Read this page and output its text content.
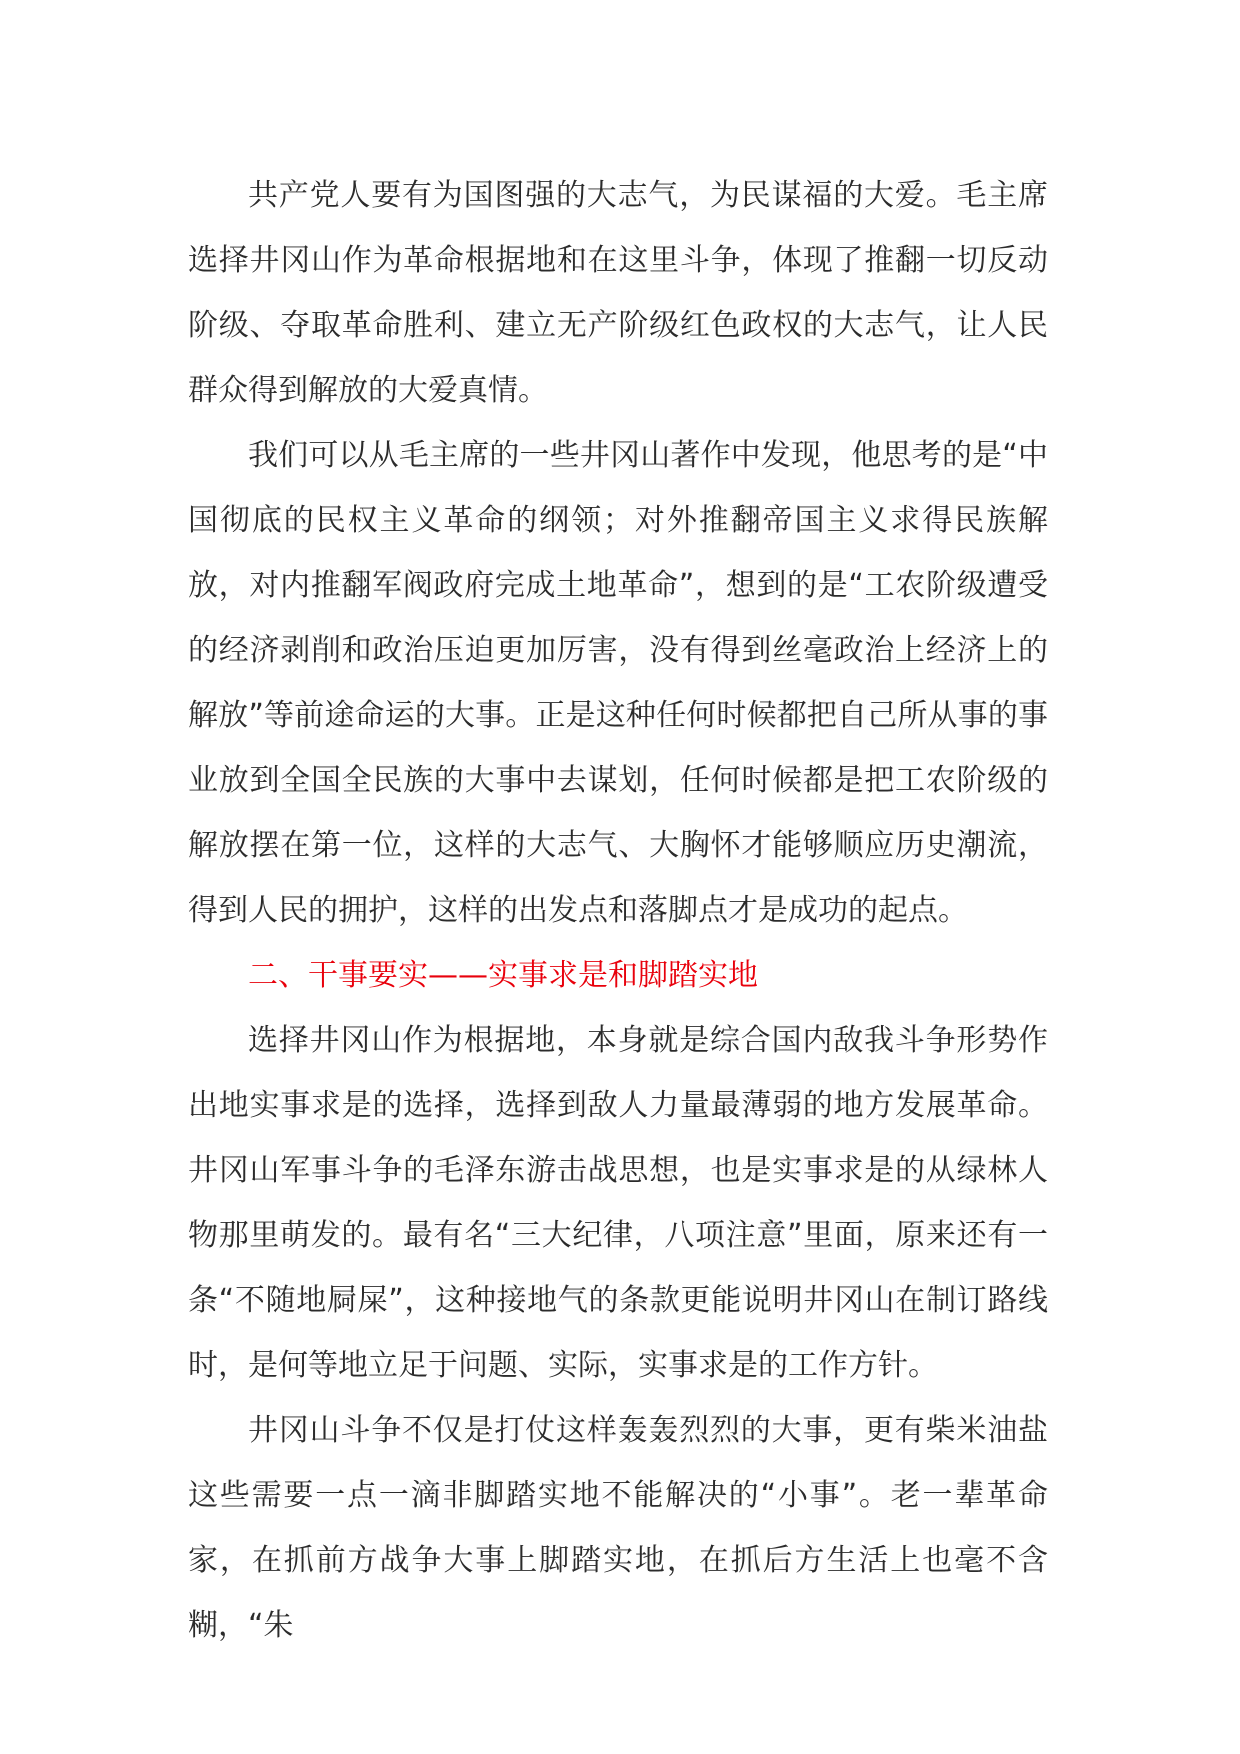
共产党人要有为国图强的大志气，为民谋福的大爱。毛主席选择井冈山作为革命根据地和在这里斗争，体现了推翻一切反动阶级、夺取革命胜利、建立无产阶级红色政权的大志气，让人民群众得到解放的大爱真情。

我们可以从毛主席的一些井冈山著作中发现，他思考的是“中国彻底的民权主义革命的纲领；对外推翻帝国主义求得民族解放，对内推翻军阀政府完成土地革命”，想到的是“工农阶级遭受的经济剥削和政治压迫更加厉害，没有得到丝毫政治上经济上的解放”等前途命运的大事。正是这种任何时候都把自己所从事的事业放到全国全民族的大事中去谋划，任何时候都是把工农阶级的解放摆在第一位，这样的大志气、大胸怀才能够顺应历史潮流，得到人民的拥护，这样的出发点和落脚点才是成功的起点。

二、干事要实——实事求是和脚踏实地

选择井冈山作为根据地，本身就是综合国内敌我斗争形势作出地实事求是的选择，选择到敌人力量最薄弱的地方发展革命。井冈山军事斗争的毛泽东游击战思想，也是实事求是的从绿林人物那里萌发的。最有名“三大纪律，八项注意”里面，原来还有一条“不随地屙屎”，这种接地气的条款更能说明井冈山在制订路线时，是何等地立足于问题、实际，实事求是的工作方针。

井冈山斗争不仅是打仗这样轰轰烈烈的大事，更有柴米油盐这些需要一点一滴非脚踏实地不能解决的“小事”。老一辈革命家，在抓前方战争大事上脚踏实地，在抓后方生活上也毫不含糊，“朱
